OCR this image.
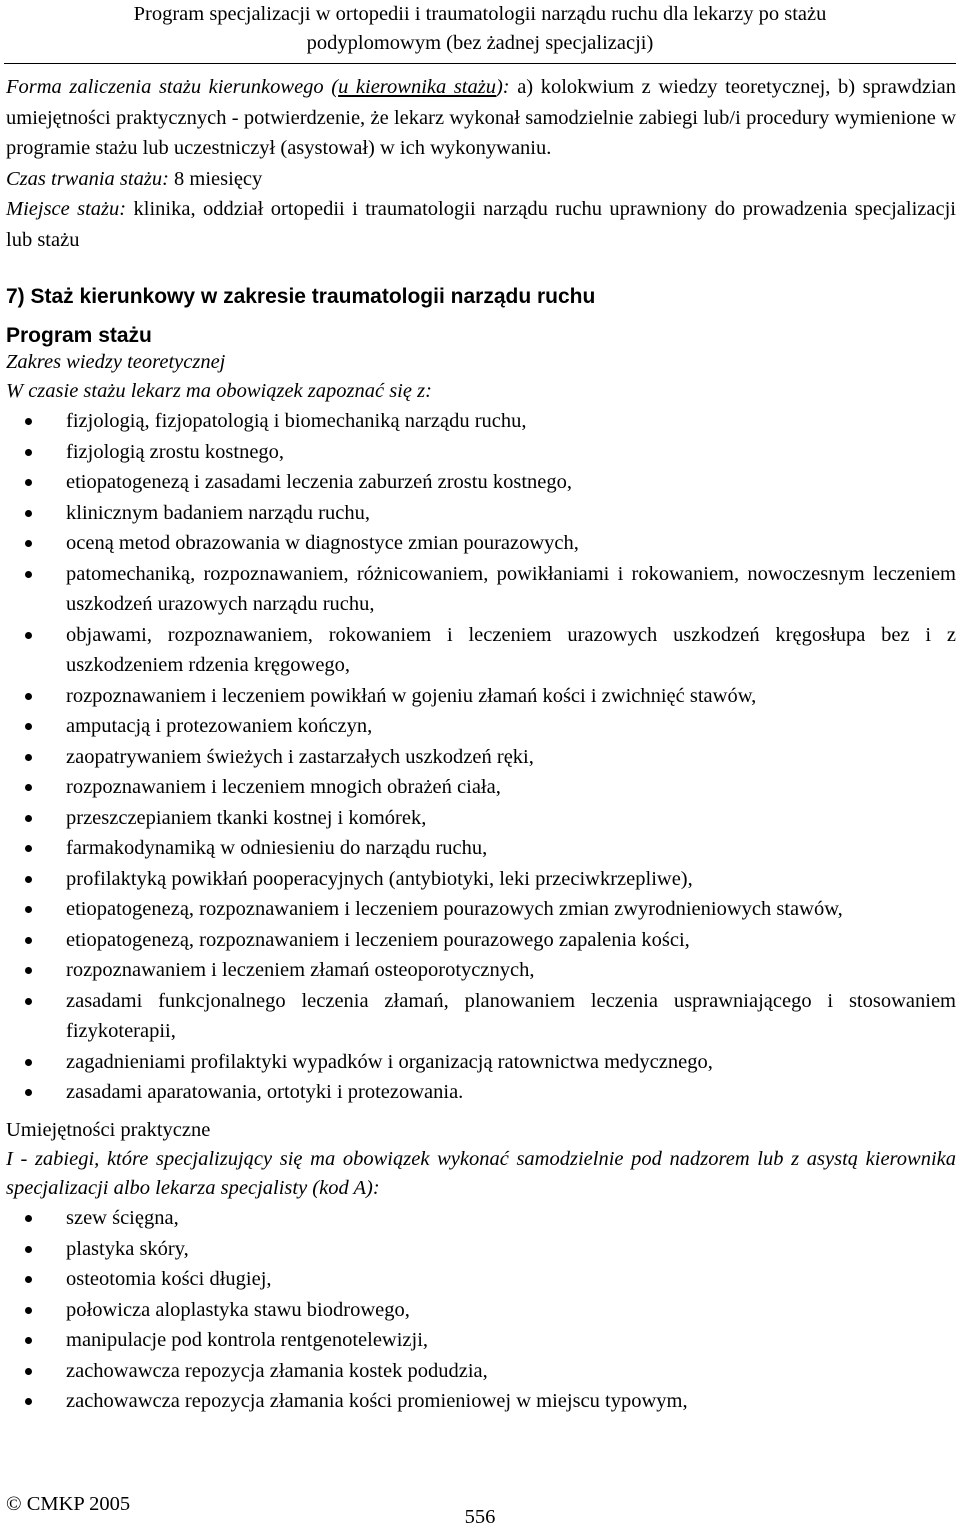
Program specjalizacji w ortopedii i traumatologii narządu ruchu dla lekarzy po stażu
podyplomowym (bez żadnej specjalizacji)

Forma zaliczenia stażu kierunkowego (u kierownika stażu): a) kolokwium z wiedzy teoretycznej, b) sprawdzian umiejętności praktycznych - potwierdzenie, że lekarz wykonał samodzielnie zabiegi lub/i procedury wymienione w programie stażu lub uczestniczył (asystował) w ich wykonywaniu.

Czas trwania stażu: 8 miesięcy

Miejsce stażu: klinika, oddział ortopedii i traumatologii narządu ruchu uprawniony do prowadzenia specjalizacji lub stażu

7) Staż kierunkowy w zakresie traumatologii narządu ruchu
Program stażu
Zakres wiedzy teoretycznej
W czasie stażu lekarz ma obowiązek zapoznać się z:
fizjologią, fizjopatologią i biomechaniką narządu ruchu,
fizjologią zrostu kostnego,
etiopatogenezą i zasadami leczenia zaburzeń zrostu kostnego,
klinicznym badaniem narządu ruchu,
oceną metod obrazowania w diagnostyce zmian pourazowych,
patomechaniką, rozpoznawaniem, różnicowaniem, powikłaniami i rokowaniem, nowoczesnym leczeniem uszkodzeń urazowych narządu ruchu,
objawami, rozpoznawaniem, rokowaniem i leczeniem urazowych uszkodzeń kręgosłupa bez i z uszkodzeniem rdzenia kręgowego,
rozpoznawaniem i leczeniem powikłań w gojeniu złamań kości i zwichnięć stawów,
amputacją i protezowaniem kończyn,
zaopatrywaniem świeżych i zastarzałych uszkodzeń ręki,
rozpoznawaniem i leczeniem mnogich obrażeń ciała,
przeszczepianiem tkanki kostnej i komórek,
farmakodynamiką w odniesieniu do narządu ruchu,
profilaktyką powikłań pooperacyjnych (antybiotyki, leki przeciwkrzepliwe),
etiopatogenezą, rozpoznawaniem i leczeniem pourazowych zmian zwyrodnieniowych stawów,
etiopatogenezą, rozpoznawaniem i leczeniem pourazowego zapalenia kości,
rozpoznawaniem i leczeniem złamań osteoporotycznych,
zasadami funkcjonalnego leczenia złamań, planowaniem leczenia usprawniającego i stosowaniem fizykoterapii,
zagadnieniami profilaktyki wypadków i organizacją ratownictwa medycznego,
zasadami aparatowania, ortotyki i protezowania.
Umiejętności praktyczne
I - zabiegi, które specjalizujący się ma obowiązek wykonać samodzielnie pod nadzorem lub z asystą kierownika specjalizacji albo lekarza specjalisty (kod A):
szew ścięgna,
plastyka skóry,
osteotomia kości długiej,
połowicza aloplastyka stawu biodrowego,
manipulacje pod kontrola rentgenotelewizji,
zachowawcza repozycja złamania kostek podudzia,
zachowawcza repozycja złamania kości promieniowej w miejscu typowym,
© CMKP 2005
556
